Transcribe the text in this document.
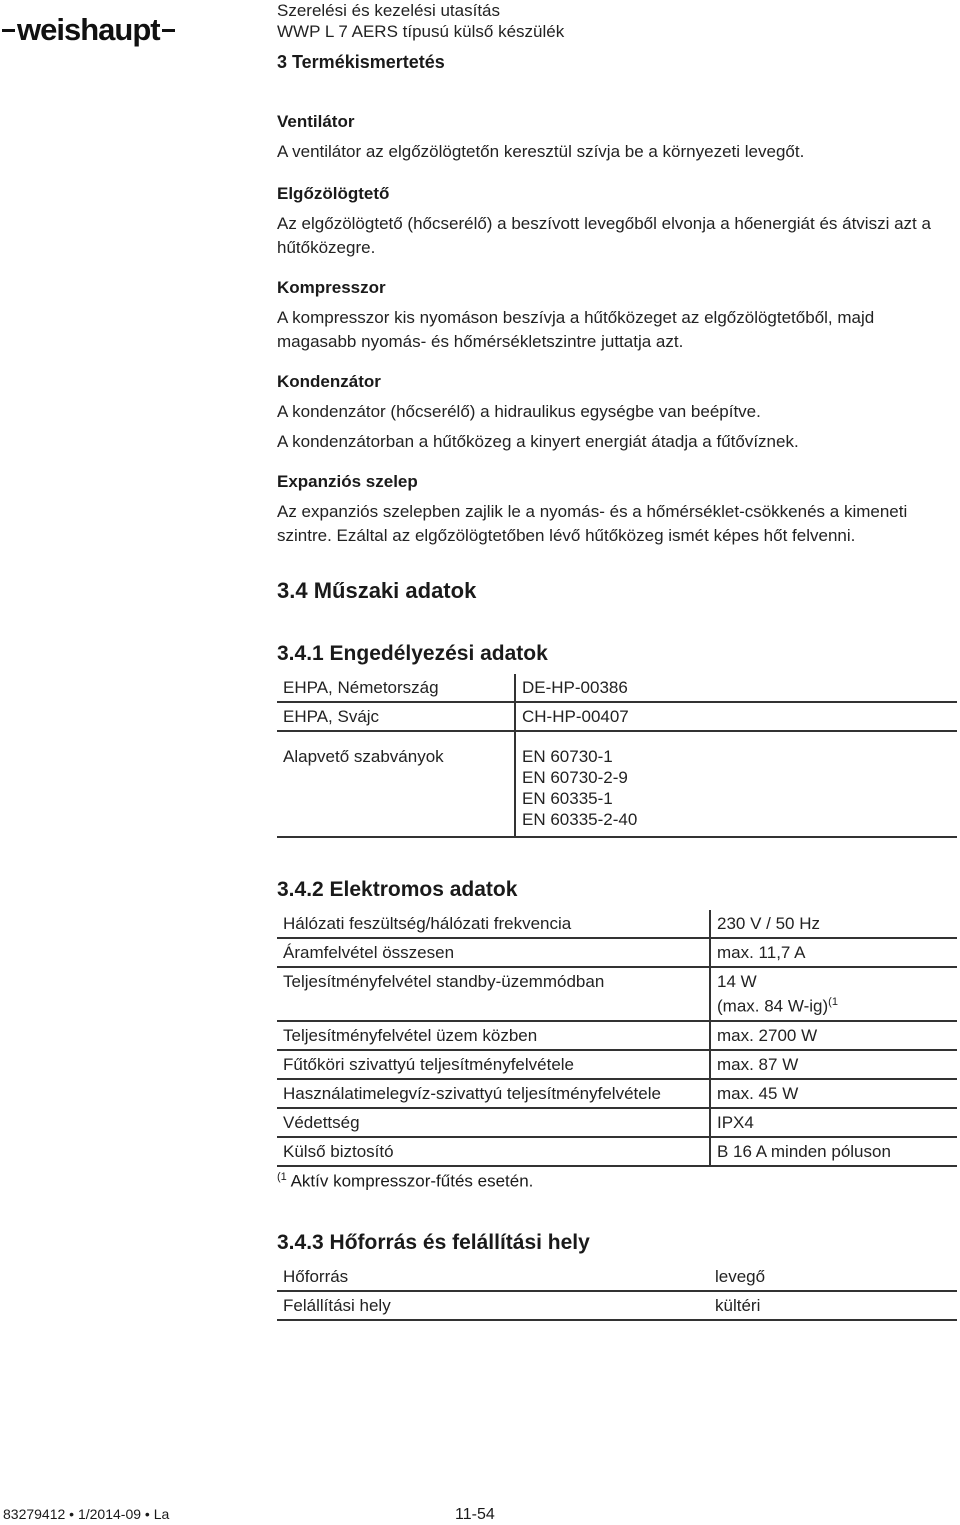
weishaupt
Szerelési és kezelési utasítás
WWP L 7 AERS típusú külső készülék
3 Termékismertetés

Ventilátor

A ventilátor az elgőzölögtetőn keresztül szívja be a környezeti levegőt.

Elgőzölögtető

Az elgőzölögtető (hőcserélő) a beszívott levegőből elvonja a hőenergiát és átviszi azt a hűtőközegre.

Kompresszor

A kompresszor kis nyomáson beszívja a hűtőközeget az elgőzölögtetőből, majd magasabb nyomás- és hőmérsékletszintre juttatja azt.

Kondenzátor

A kondenzátor (hőcserélő) a hidraulikus egységbe van beépítve.

A kondenzátorban a hűtőközeg a kinyert energiát átadja a fűtővíznek.

Expanziós szelep

Az expanziós szelepben zajlik le a nyomás- és a hőmérséklet-csökkenés a kimeneti szintre. Ezáltal az elgőzölögtetőben lévő hűtőközeg ismét képes hőt felvenni.

3.4 Műszaki adatok

3.4.1 Engedélyezési adatok

EHPA, Németország	DE-HP-00386
EHPA, Svájc	CH-HP-00407
Alapvető szabványok	EN 60730-1
EN 60730-2-9
EN 60335-1
EN 60335-2-40

3.4.2 Elektromos adatok

Hálózati feszültség/hálózati frekvencia	230 V / 50 Hz
Áramfelvétel összesen	max. 11,7 A
Teljesítményfelvétel standby-üzemmódban	14 W
(max. 84 W-ig)$^{(1}$

Teljesítményfelvétel üzem közben	max. 2700 W
Fűtőköri szivattyú teljesítményfelvétele	max. 87 W
Használatimelegvíz-szivattyú teljesítményfelvétele	max. 45 W
Védettség	IPX4
Külső biztosító	B 16 A minden póluson
$^{(1}$ Aktív kompresszor-fűtés esetén.

3.4.3 Hőforrás és felállítási hely

Hőforrás	levegő
Felállítási hely	kültéri
83279412 • 1/2014-09 • La	11-54
